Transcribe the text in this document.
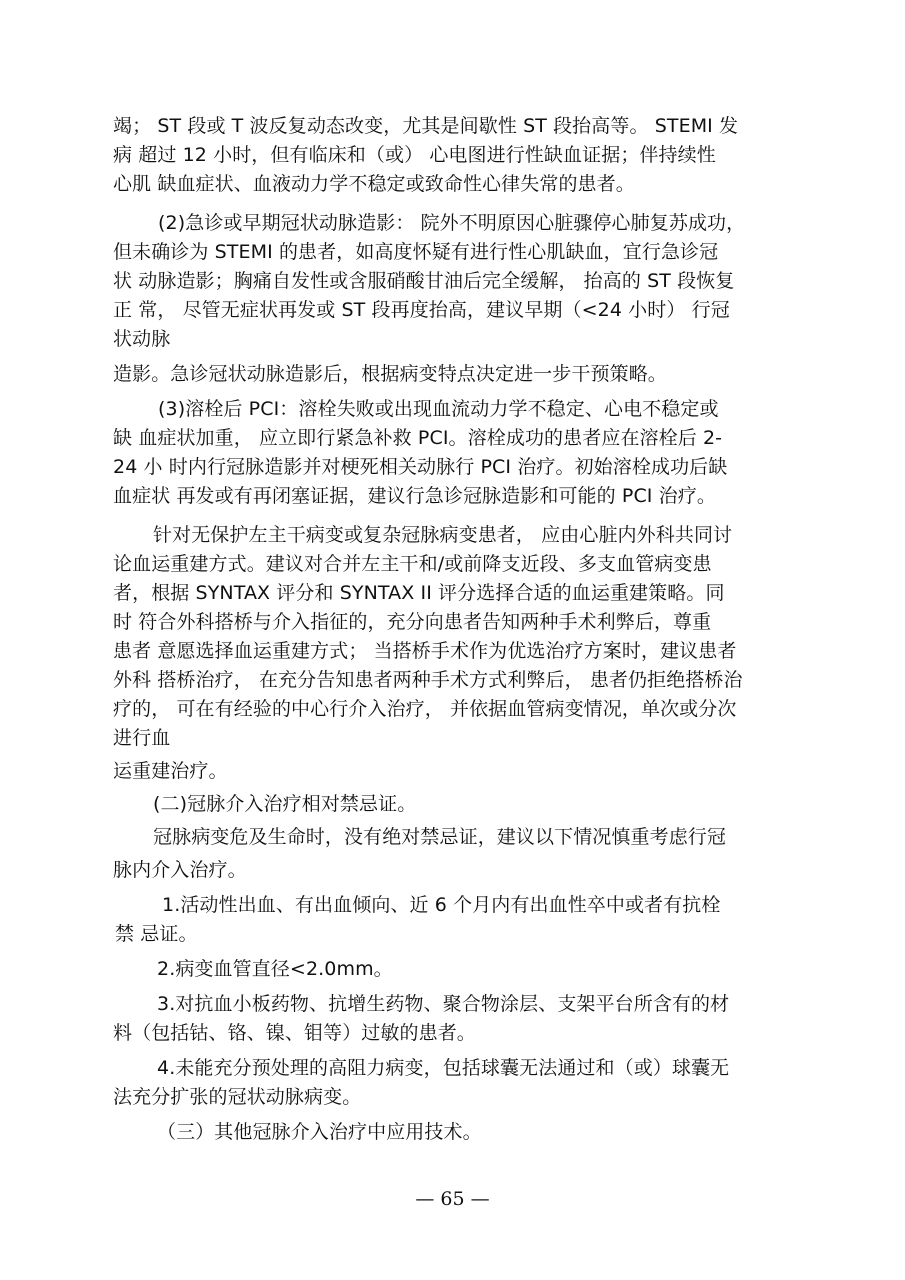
竭； ST 段或 T 波反复动态改变，尤其是间歇性 ST 段抬高等。 STEMI 发
病 超过 12 小时，但有临床和（或） 心电图进行性缺血证据；伴持续性
心肌 缺血症状、血液动力学不稳定或致命性心律失常的患者。
(2)急诊或早期冠状动脉造影： 院外不明原因心脏骤停心肺复苏成功，
但未确诊为 STEMI 的患者，如高度怀疑有进行性心肌缺血，宜行急诊冠
状 动脉造影；胸痛自发性或含服硝酸甘油后完全缓解， 抬高的 ST 段恢复
正 常， 尽管无症状再发或 ST 段再度抬高，建议早期（<24 小时） 行冠
状动脉
造影。急诊冠状动脉造影后，根据病变特点决定进一步干预策略。
(3)溶栓后 PCI：溶栓失败或出现血流动力学不稳定、心电不稳定或
缺 血症状加重， 应立即行紧急补救 PCI。溶栓成功的患者应在溶栓后 2-
24 小 时内行冠脉造影并对梗死相关动脉行 PCI 治疗。初始溶栓成功后缺
血症状 再发或有再闭塞证据，建议行急诊冠脉造影和可能的 PCI 治疗。
针对无保护左主干病变或复杂冠脉病变患者， 应由心脏内外科共同讨
论血运重建方式。建议对合并左主干和/或前降支近段、多支血管病变患
者，根据 SYNTAX 评分和 SYNTAX II 评分选择合适的血运重建策略。同
时 符合外科搭桥与介入指征的，充分向患者告知两种手术利弊后，尊重
患者 意愿选择血运重建方式； 当搭桥手术作为优选治疗方案时，建议患者
外科 搭桥治疗， 在充分告知患者两种手术方式利弊后， 患者仍拒绝搭桥治
疗的， 可在有经验的中心行介入治疗， 并依据血管病变情况，单次或分次
进行血
运重建治疗。
(二)冠脉介入治疗相对禁忌证。
冠脉病变危及生命时，没有绝对禁忌证，建议以下情况慎重考虑行冠
脉内介入治疗。
1.活动性出血、有出血倾向、近 6 个月内有出血性卒中或者有抗栓
禁 忌证。
2.病变血管直径<2.0mm。
3.对抗血小板药物、抗增生药物、聚合物涂层、支架平台所含有的材
料（包括钴、铬、镍、钼等）过敏的患者。
4.未能充分预处理的高阻力病变，包括球囊无法通过和（或）球囊无
法充分扩张的冠状动脉病变。
（三）其他冠脉介入治疗中应用技术。
— 65 —
